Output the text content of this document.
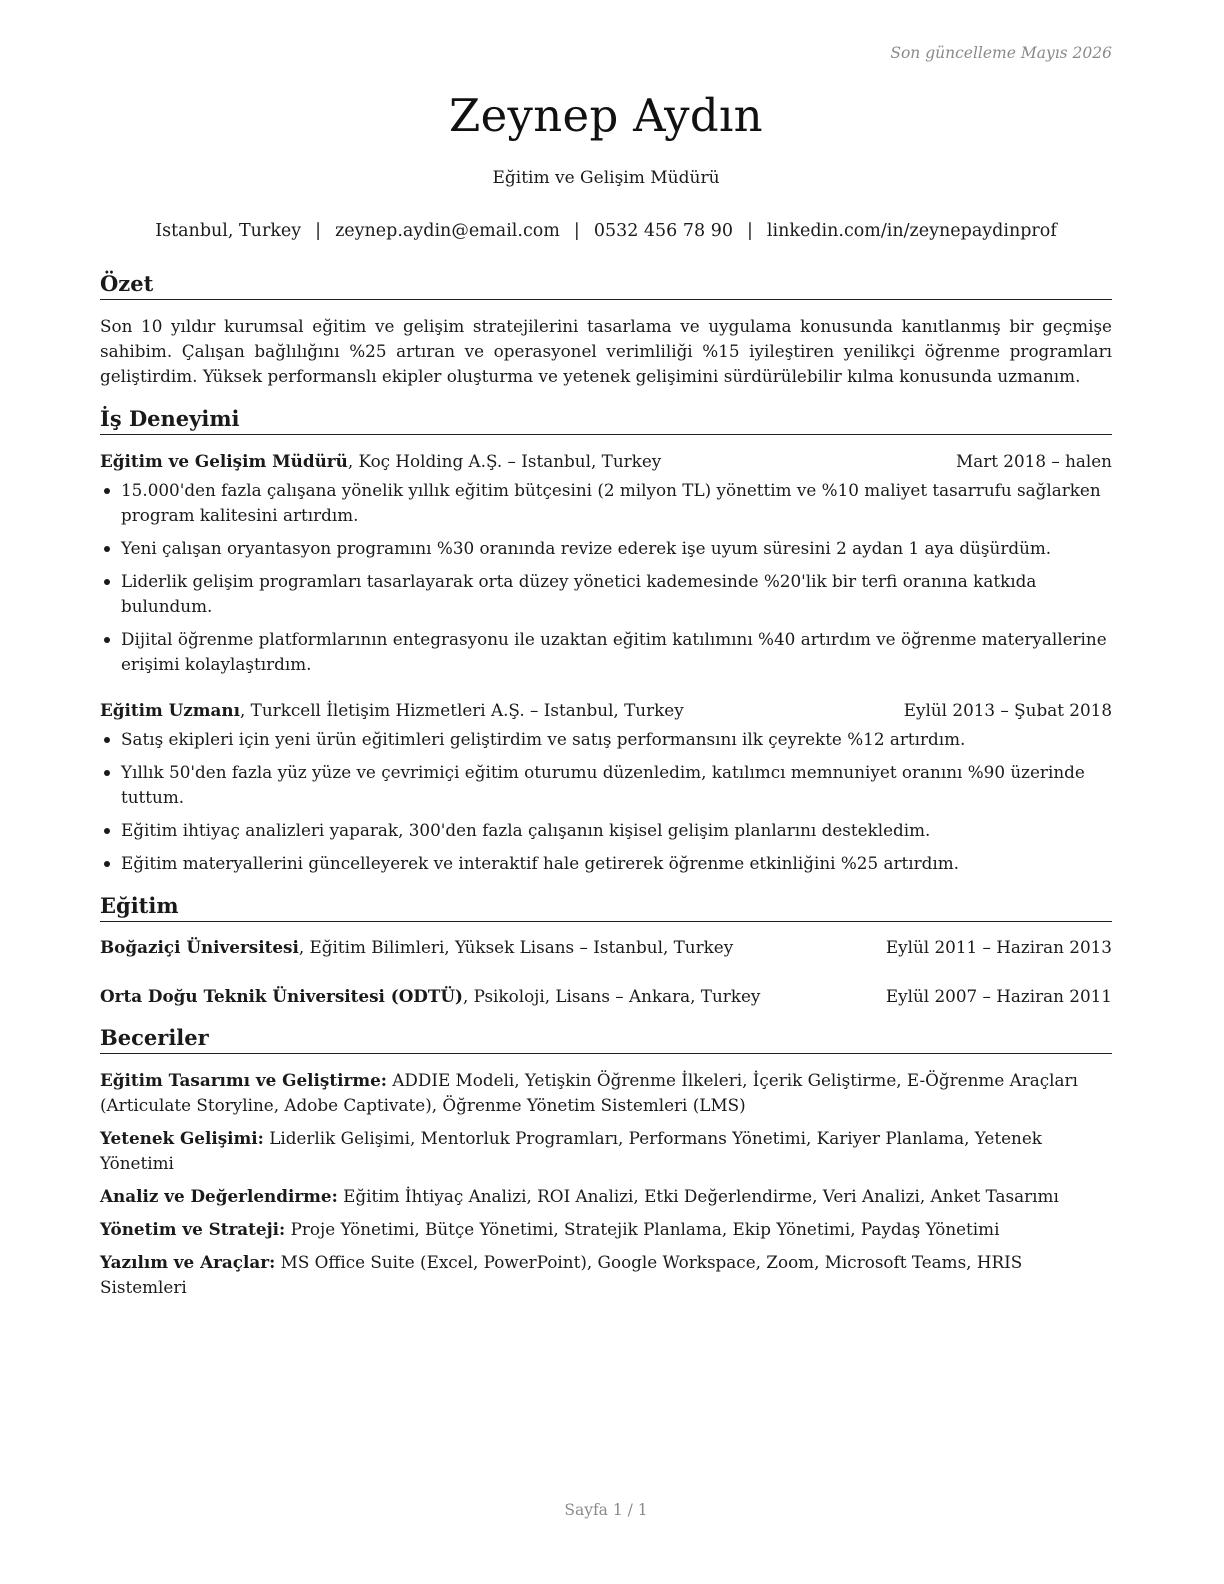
Son güncelleme Mayıs 2026
Zeynep Aydın
Eğitim ve Gelişim Müdürü
Istanbul, Turkey | zeynep.aydin@email.com | 0532 456 78 90 | linkedin.com/in/zeynepaydinprof
Özet
Son 10 yıldır kurumsal eğitim ve gelişim stratejilerini tasarlama ve uygulama konusunda kanıtlanmış bir geçmişe sahibim. Çalışan bağlılığını %25 artıran ve operasyonel verimliliği %15 iyileştiren yenilikçi öğrenme programları geliştirdim. Yüksek performanslı ekipler oluşturma ve yetenek gelişimini sürdürülebilir kılma konusunda uzmanım.
İş Deneyimi
Eğitim ve Gelişim Müdürü, Koç Holding A.Ş. – Istanbul, Turkey	Mart 2018 – halen
15.000'den fazla çalışana yönelik yıllık eğitim bütçesini (2 milyon TL) yönettim ve %10 maliyet tasarrufu sağlarken program kalitesini artırdım.
Yeni çalışan oryantasyon programını %30 oranında revize ederek işe uyum süresini 2 aydan 1 aya düşürdüm.
Liderlik gelişim programları tasarlayarak orta düzey yönetici kademesinde %20'lik bir terfi oranına katkıda bulundum.
Dijital öğrenme platformlarının entegrasyonu ile uzaktan eğitim katılımını %40 artırdım ve öğrenme materyallerine erişimi kolaylaştırdım.
Eğitim Uzmanı, Turkcell İletişim Hizmetleri A.Ş. – Istanbul, Turkey	Eylül 2013 – Şubat 2018
Satış ekipleri için yeni ürün eğitimleri geliştirdim ve satış performansını ilk çeyrekte %12 artırdım.
Yıllık 50'den fazla yüz yüze ve çevrimiçi eğitim oturumu düzenledim, katılımcı memnuniyet oranını %90 üzerinde tuttum.
Eğitim ihtiyaç analizleri yaparak, 300'den fazla çalışanın kişisel gelişim planlarını destekledim.
Eğitim materyallerini güncelleyerek ve interaktif hale getirerek öğrenme etkinliğini %25 artırdım.
Eğitim
Boğaziçi Üniversitesi, Eğitim Bilimleri, Yüksek Lisans – Istanbul, Turkey	Eylül 2011 – Haziran 2013
Orta Doğu Teknik Üniversitesi (ODTÜ), Psikoloji, Lisans – Ankara, Turkey	Eylül 2007 – Haziran 2011
Beceriler
Eğitim Tasarımı ve Geliştirme: ADDIE Modeli, Yetişkin Öğrenme İlkeleri, İçerik Geliştirme, E-Öğrenme Araçları (Articulate Storyline, Adobe Captivate), Öğrenme Yönetim Sistemleri (LMS)
Yetenek Gelişimi: Liderlik Gelişimi, Mentorluk Programları, Performans Yönetimi, Kariyer Planlama, Yetenek Yönetimi
Analiz ve Değerlendirme: Eğitim İhtiyaç Analizi, ROI Analizi, Etki Değerlendirme, Veri Analizi, Anket Tasarımı
Yönetim ve Strateji: Proje Yönetimi, Bütçe Yönetimi, Stratejik Planlama, Ekip Yönetimi, Paydaş Yönetimi
Yazılım ve Araçlar: MS Office Suite (Excel, PowerPoint), Google Workspace, Zoom, Microsoft Teams, HRIS Sistemleri
Sayfa 1 / 1
